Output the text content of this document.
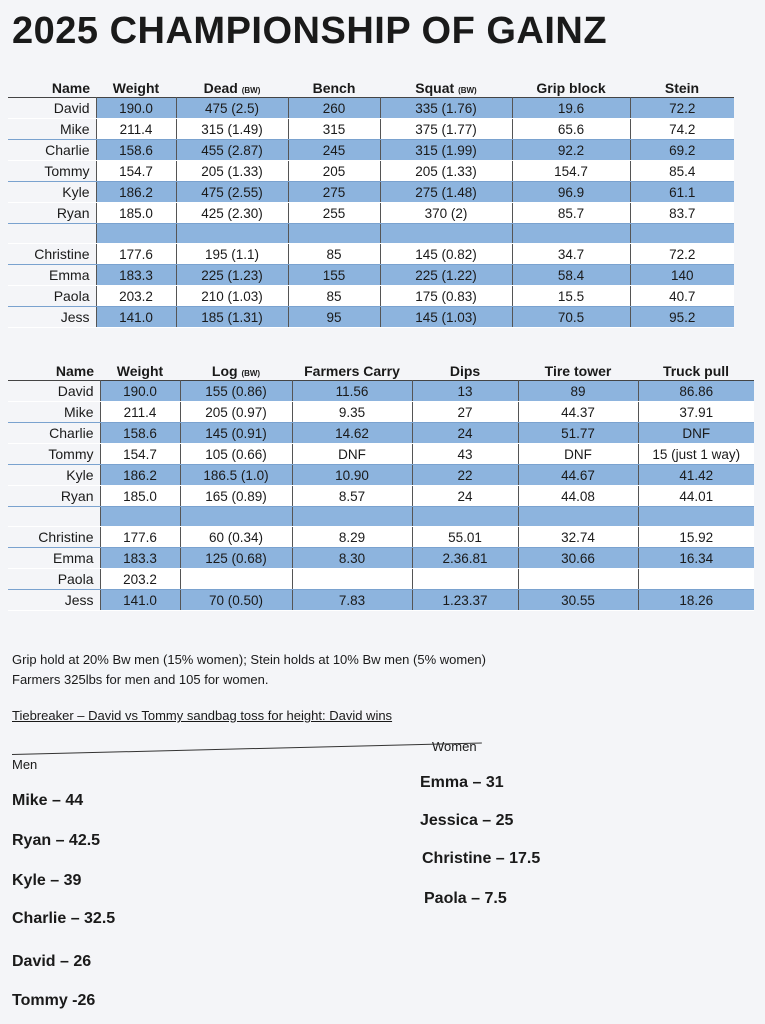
2025 CHAMPIONSHIP OF GAINZ
Name	Weight	Dead (BW)	Bench	Squat (BW)	Grip block	Stein
David	190.0	475 (2.5)	260	335 (1.76)	19.6	72.2
Mike	211.4	315 (1.49)	315	375 (1.77)	65.6	74.2
Charlie	158.6	455 (2.87)	245	315 (1.99)	92.2	69.2
Tommy	154.7	205 (1.33)	205	205 (1.33)	154.7	85.4
Kyle	186.2	475 (2.55)	275	275 (1.48)	96.9	61.1
Ryan	185.0	425 (2.30)	255	370 (2)	85.7	83.7

Christine	177.6	195 (1.1)	85	145 (0.82)	34.7	72.2
Emma	183.3	225 (1.23)	155	225 (1.22)	58.4	140
Paola	203.2	210 (1.03)	85	175 (0.83)	15.5	40.7
Jess	141.0	185 (1.31)	95	145 (1.03)	70.5	95.2
Name	Weight	Log (BW)	Farmers Carry	Dips	Tire tower	Truck pull
David	190.0	155 (0.86)	11.56	13	89	86.86
Mike	211.4	205 (0.97)	9.35	27	44.37	37.91
Charlie	158.6	145 (0.91)	14.62	24	51.77	DNF
Tommy	154.7	105 (0.66)	DNF	43	DNF	15 (just 1 way)
Kyle	186.2	186.5 (1.0)	10.90	22	44.67	41.42
Ryan	185.0	165 (0.89)	8.57	24	44.08	44.01

Christine	177.6	60 (0.34)	8.29	55.01	32.74	15.92
Emma	183.3	125 (0.68)	8.30	2.36.81	30.66	16.34
Paola	203.2					
Jess	141.0	70 (0.50)	7.83	1.23.37	30.55	18.26
Grip hold at 20% Bw men (15% women); Stein holds at 10% Bw men (5% women)
Farmers 325lbs for men and 105 for women.
Tiebreaker – David vs Tommy sandbag toss for height: David wins
Women
Men
Mike – 44
Ryan – 42.5
Kyle – 39
Charlie – 32.5
David – 26
Tommy -26
Emma – 31
Jessica – 25
Christine – 17.5
Paola – 7.5
